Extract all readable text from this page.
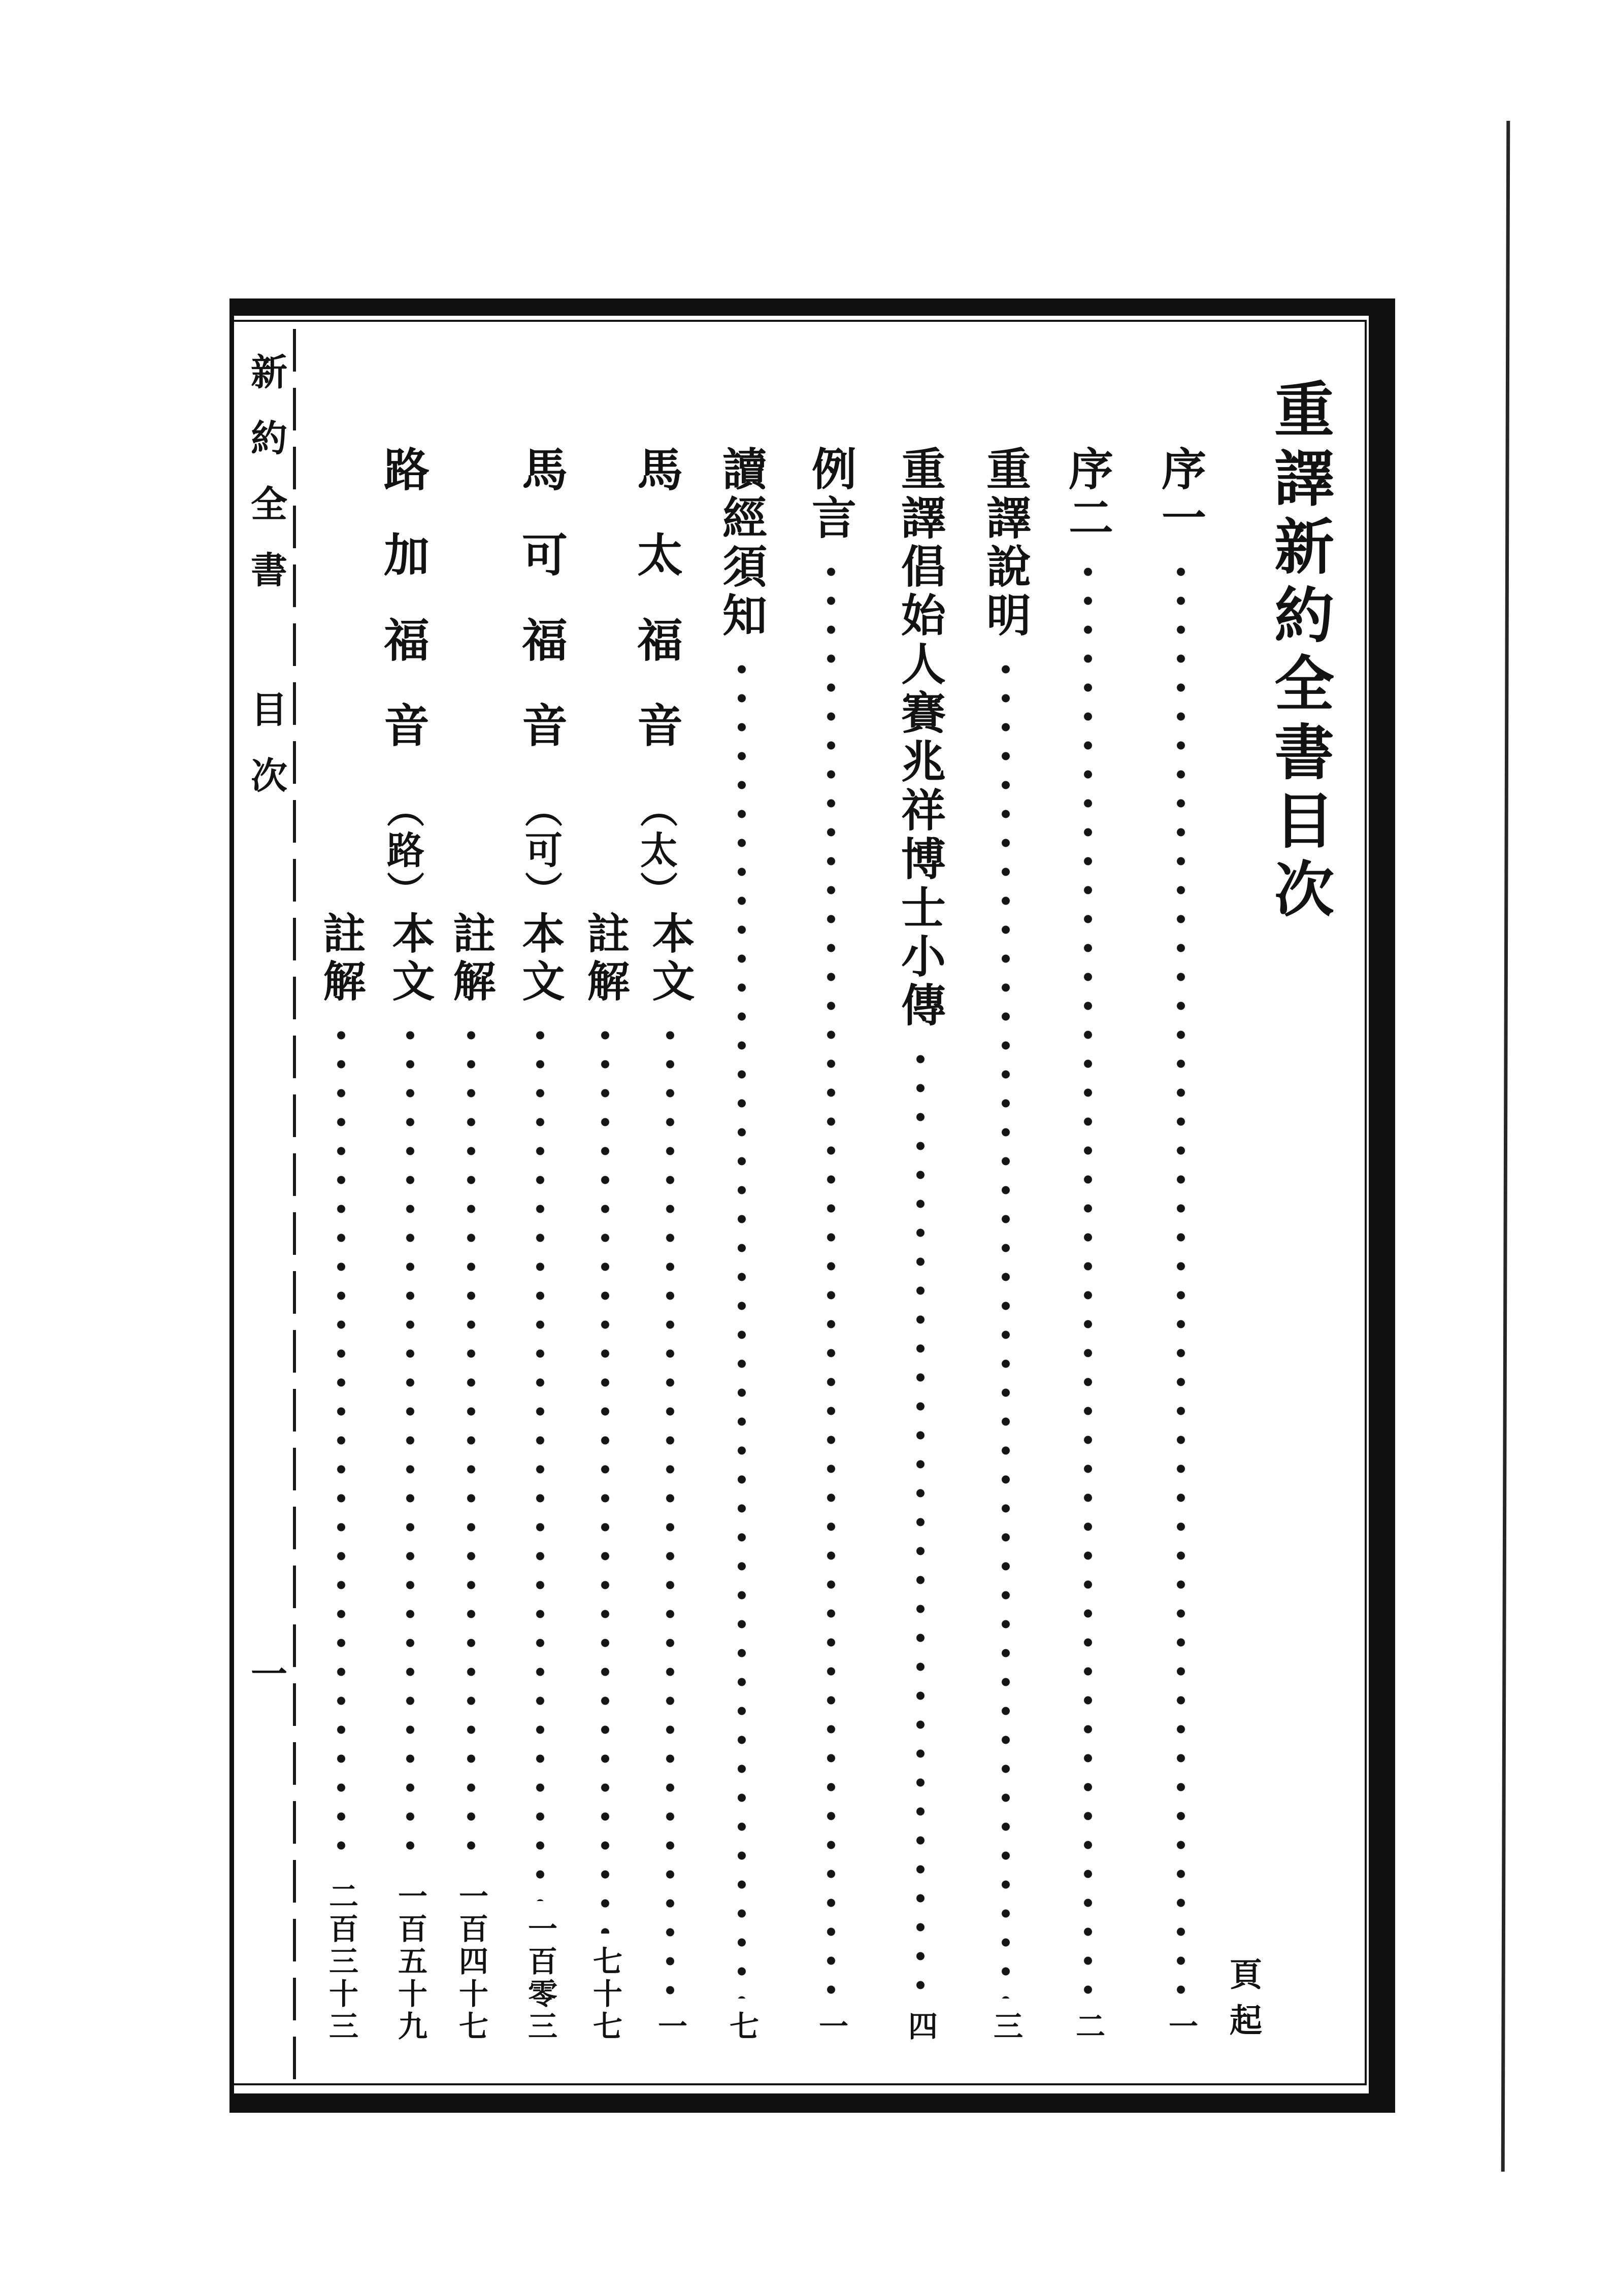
新約全書
目次
一
重譯新約全書目次
頁起
序一
一
序二
二
重譯說明
三
重譯倡始人賽兆祥博士小傳
四
例言
一
讀經須知
七
馬太福音
（太）
本文
一
註解
七十七
馬可福音
（可）
本文
一百零三
註解
一百四十七
路加福音
（路）
本文
一百五十九
註解
二百三十三
